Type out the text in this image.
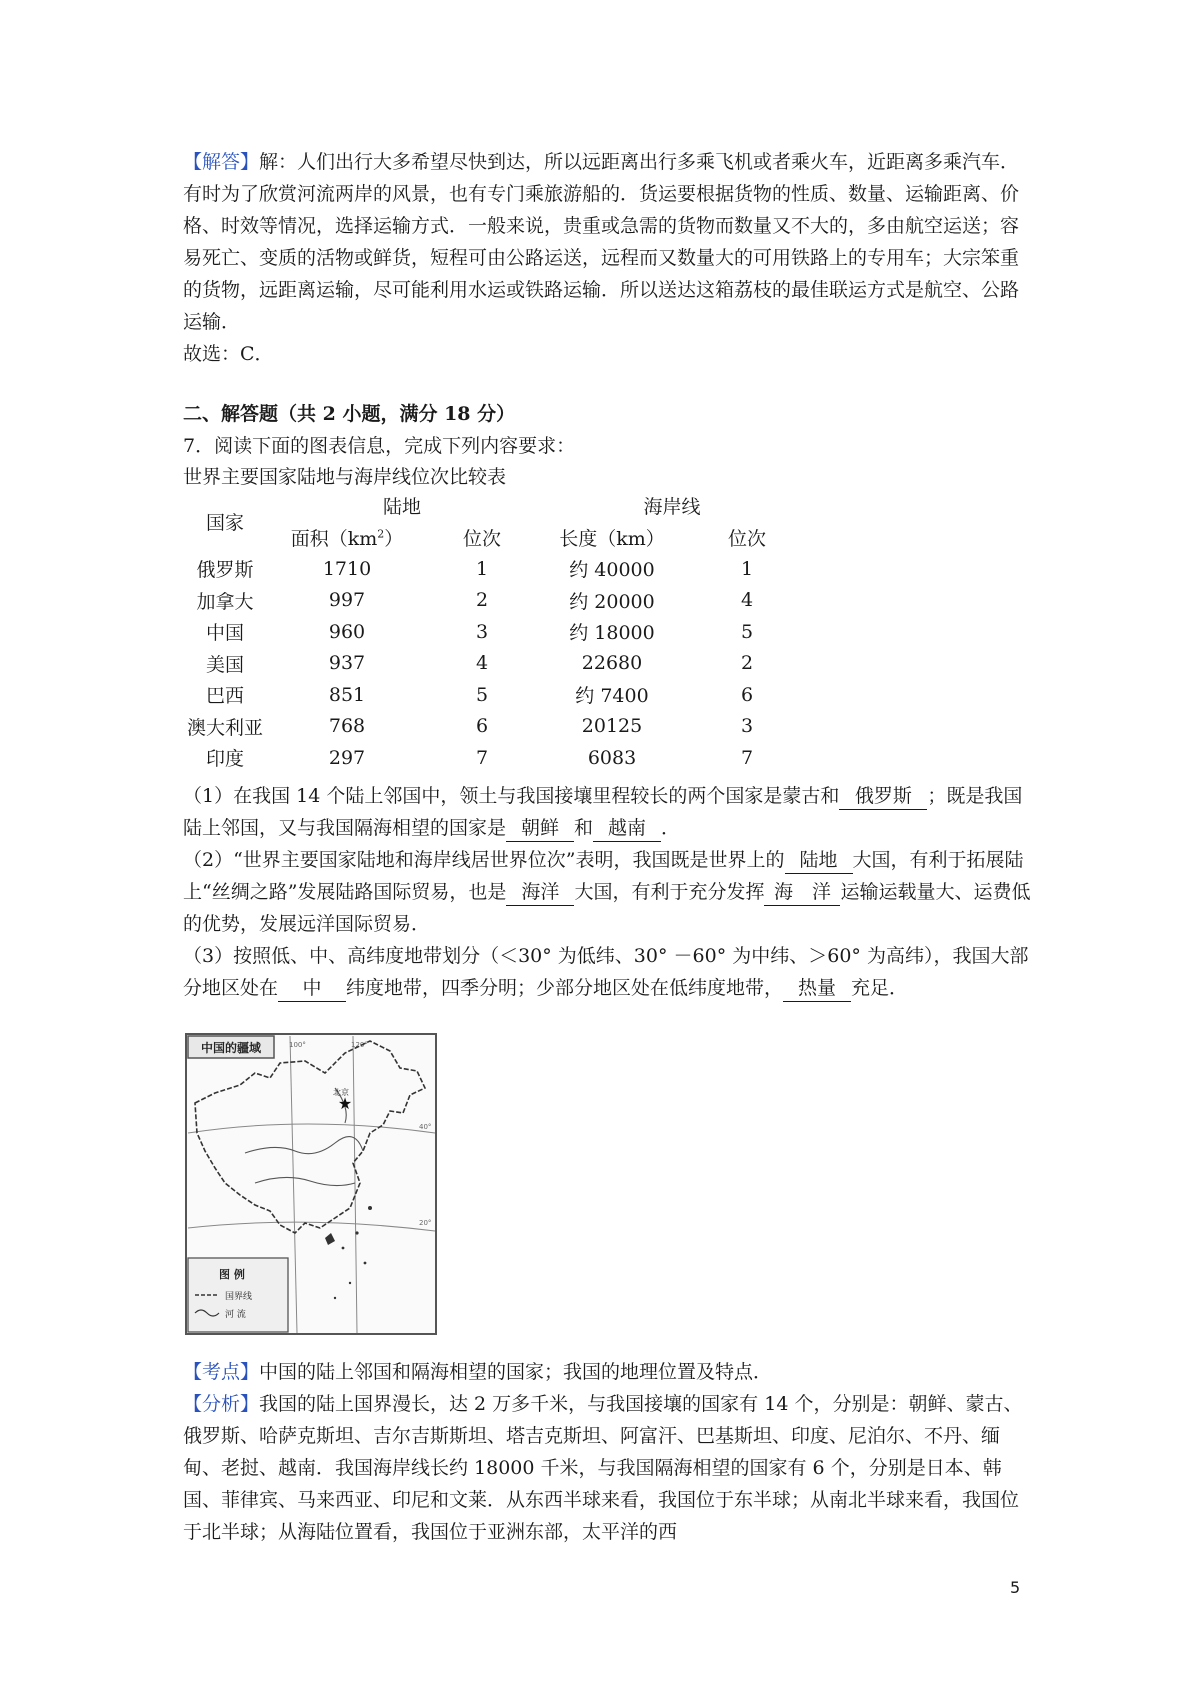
【解答】解：人们出行大多希望尽快到达，所以远距离出行多乘飞机或者乘火车，近距离多乘汽车．有时为了欣赏河流两岸的风景，也有专门乘旅游船的．货运要根据货物的性质、数量、运输距离、价格、时效等情况，选择运输方式．一般来说，贵重或急需的货物而数量又不大的，多由航空运送；容易死亡、变质的活物或鲜货，短程可由公路运送，远程而又数量大的可用铁路上的专用车；大宗笨重的货物，远距离运输，尽可能利用水运或铁路运输．所以送达这箱荔枝的最佳联运方式是航空、公路运输．
故选：C．
二、解答题（共 2 小题，满分 18 分）
7．阅读下面的图表信息，完成下列内容要求：
世界主要国家陆地与海岸线位次比较表
国家	陆地		海岸线	
	面积$(km^2)$	位次	长度（km）	位次
俄罗斯	1710	1	约 40000	1
加拿大	997	2	约 20000	4
中国	960	3	约 18000	5
美国	937	4	22680	2
巴西	851	5	约 7400	6
澳大利亚	768	6	20125	3
印度	297	7	6083	7
（1）在我国 14 个陆上邻国中，领土与我国接壤里程较长的两个国家是蒙古和 俄罗斯 ；既是我国陆上邻国，又与我国隔海相望的国家是 朝鲜 和 越南 ．
（2）“世界主要国家陆地和海岸线居世界位次”表明，我国既是世界上的 陆地 大国，有利于拓展陆上“丝绸之路”发展陆路国际贸易，也是 海洋 大国，有利于充分发挥 海 洋 运输运载量大、运费低的优势，发展远洋国际贸易．
（3）按照低、中、高纬度地带划分（＜30° 为低纬、30° －60° 为中纬、＞60° 为高纬），我国大部分地区处在 中 纬度地带，四季分明；少部分地区处在低纬度地带， 热量 充足．
中国的疆域	100°	120°
40°
20°
★
北京
图 例
国界线
河 流
【考点】中国的陆上邻国和隔海相望的国家；我国的地理位置及特点．
【分析】我国的陆上国界漫长，达 2 万多千米，与我国接壤的国家有 14 个，分别是：朝鲜、蒙古、俄罗斯、哈萨克斯坦、吉尔吉斯斯坦、塔吉克斯坦、阿富汗、巴基斯坦、印度、尼泊尔、不丹、缅甸、老挝、越南．我国海岸线长约 18000 千米，与我国隔海相望的国家有 6 个，分别是日本、韩国、菲律宾、马来西亚、印尼和文莱．从东西半球来看，我国位于东半球；从南北半球来看，我国位于北半球；从海陆位置看，我国位于亚洲东部，太平洋的西
5
